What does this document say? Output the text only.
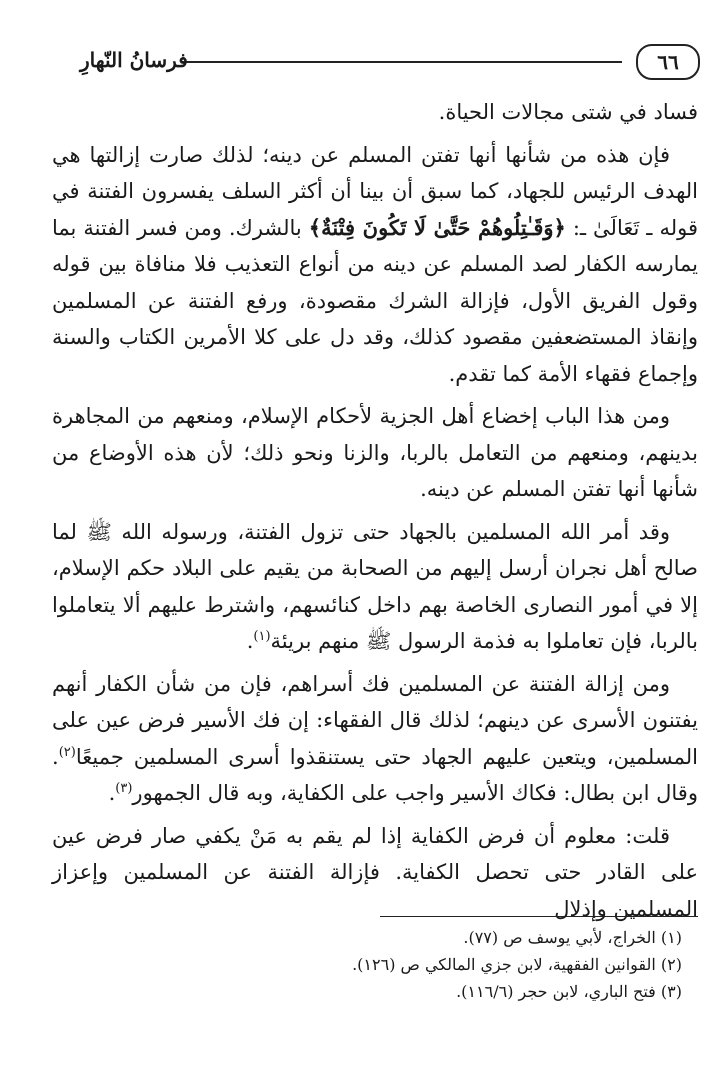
٦٦
فرسانُ النّهارِ

فساد في شتى مجالات الحياة.

فإن هذه من شأنها أنها تفتن المسلم عن دينه؛ لذلك صارت إزالتها هي الهدف الرئيس للجهاد، كما سبق أن بينا أن أكثر السلف يفسرون الفتنة في قوله ـ تَعَالَىٰ ـ: ﴿وَقَـٰتِلُوهُمْ حَتَّىٰ لَا تَكُونَ فِتْنَةٌ﴾ بالشرك. ومن فسر الفتنة بما يمارسه الكفار لصد المسلم عن دينه من أنواع التعذيب فلا منافاة بين قوله وقول الفريق الأول، فإزالة الشرك مقصودة، ورفع الفتنة عن المسلمين وإنقاذ المستضعفين مقصود كذلك، وقد دل على كلا الأمرين الكتاب والسنة وإجماع فقهاء الأمة كما تقدم.

ومن هذا الباب إخضاع أهل الجزية لأحكام الإسلام، ومنعهم من المجاهرة بدينهم، ومنعهم من التعامل بالربا، والزنا ونحو ذلك؛ لأن هذه الأوضاع من شأنها أنها تفتن المسلم عن دينه.

وقد أمر الله المسلمين بالجهاد حتى تزول الفتنة، ورسوله الله ﷺ لما صالح أهل نجران أرسل إليهم من الصحابة من يقيم على البلاد حكم الإسلام، إلا في أمور النصارى الخاصة بهم داخل كنائسهم، واشترط عليهم ألا يتعاملوا بالربا، فإن تعاملوا به فذمة الرسول ﷺ منهم بريئة$^{(١)}$.

ومن إزالة الفتنة عن المسلمين فك أسراهم، فإن من شأن الكفار أنهم يفتنون الأسرى عن دينهم؛ لذلك قال الفقهاء: إن فك الأسير فرض عين على المسلمين، ويتعين عليهم الجهاد حتى يستنقذوا أسرى المسلمين جميعًا$^{(٢)}$. وقال ابن بطال: فكاك الأسير واجب على الكفاية، وبه قال الجمهور$^{(٣)}$.

قلت: معلوم أن فرض الكفاية إذا لم يقم به مَنْ يكفي صار فرض عين على القادر حتى تحصل الكفاية. فإزالة الفتنة عن المسلمين وإعزاز المسلمين وإذلال

(١) الخراج، لأبي يوسف ص (٧٧).
(٢) القوانين الفقهية، لابن جزي المالكي ص (١٢٦).
(٣) فتح الباري، لابن حجر (١١٦/٦).
